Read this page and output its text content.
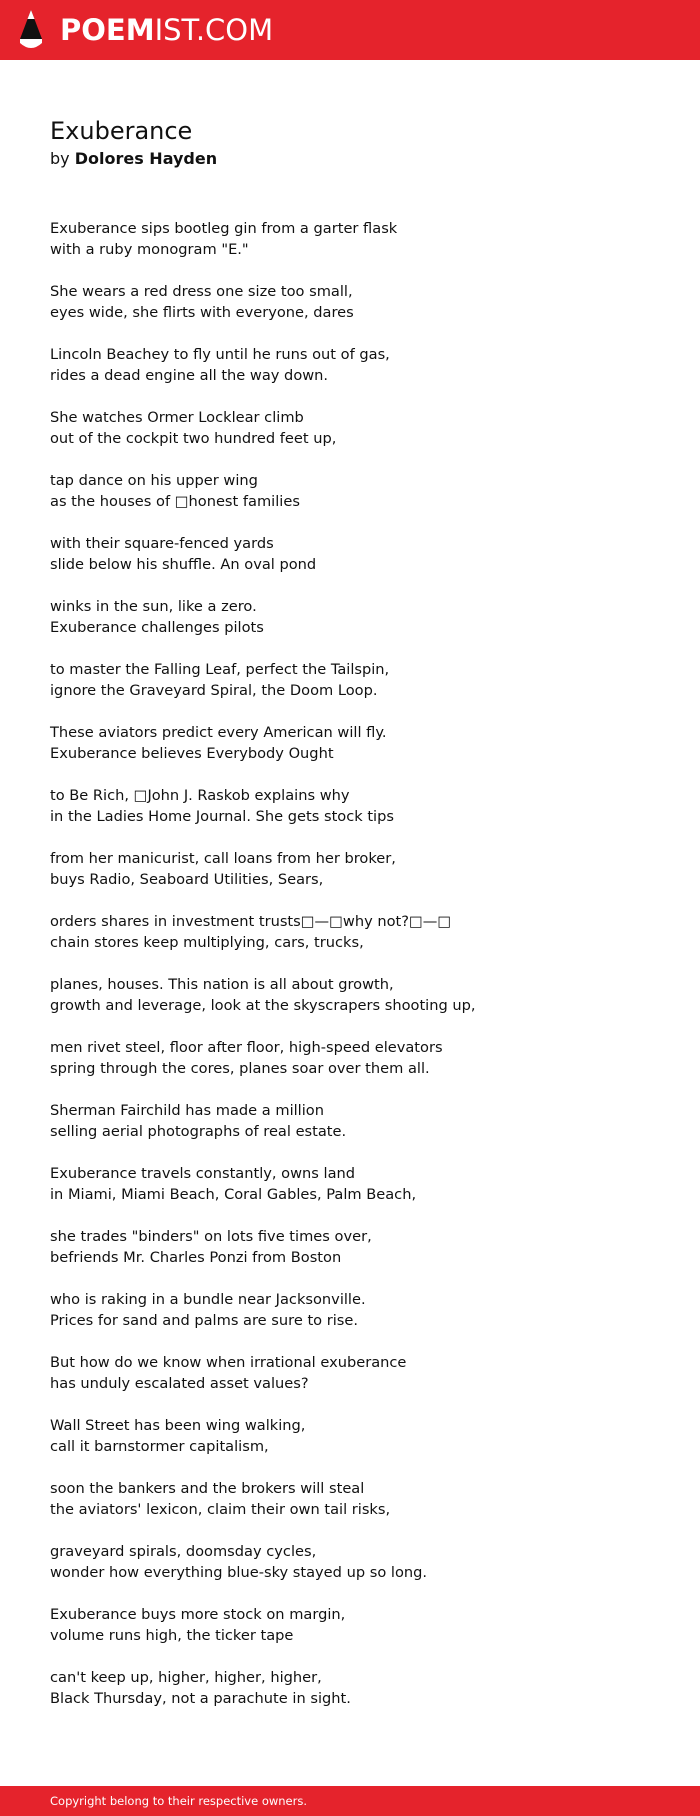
POEMIST.COM
Exuberance
by Dolores Hayden

Exuberance sips bootleg gin from a garter flask
with a ruby monogram "E."

She wears a red dress one size too small,
eyes wide, she flirts with everyone, dares

Lincoln Beachey to fly until he runs out of gas,
rides a dead engine all the way down.

She watches Ormer Locklear climb
out of the cockpit two hundred feet up,

tap dance on his upper wing
as the houses of □honest families

with their square-fenced yards
slide below his shuffle. An oval pond

winks in the sun, like a zero.
Exuberance challenges pilots

to master the Falling Leaf, perfect the Tailspin,
ignore the Graveyard Spiral, the Doom Loop.

These aviators predict every American will fly.
Exuberance believes Everybody Ought

to Be Rich, □John J. Raskob explains why
in the Ladies Home Journal. She gets stock tips

from her manicurist, call loans from her broker,
buys Radio, Seaboard Utilities, Sears,

orders shares in investment trusts□—□why not?□—□
chain stores keep multiplying, cars, trucks,

planes, houses. This nation is all about growth,
growth and leverage, look at the skyscrapers shooting up,

men rivet steel, floor after floor, high-speed elevators
spring through the cores, planes soar over them all.

Sherman Fairchild has made a million
selling aerial photographs of real estate.

Exuberance travels constantly, owns land
in Miami, Miami Beach, Coral Gables, Palm Beach,

she trades "binders" on lots five times over,
befriends Mr. Charles Ponzi from Boston

who is raking in a bundle near Jacksonville.
Prices for sand and palms are sure to rise.

But how do we know when irrational exuberance
has unduly escalated asset values?

Wall Street has been wing walking,
call it barnstormer capitalism,

soon the bankers and the brokers will steal
the aviators' lexicon, claim their own tail risks,

graveyard spirals, doomsday cycles,
wonder how everything blue-sky stayed up so long.

Exuberance buys more stock on margin,
volume runs high, the ticker tape

can't keep up, higher, higher, higher,
Black Thursday, not a parachute in sight.

Copyright belong to their respective owners.
